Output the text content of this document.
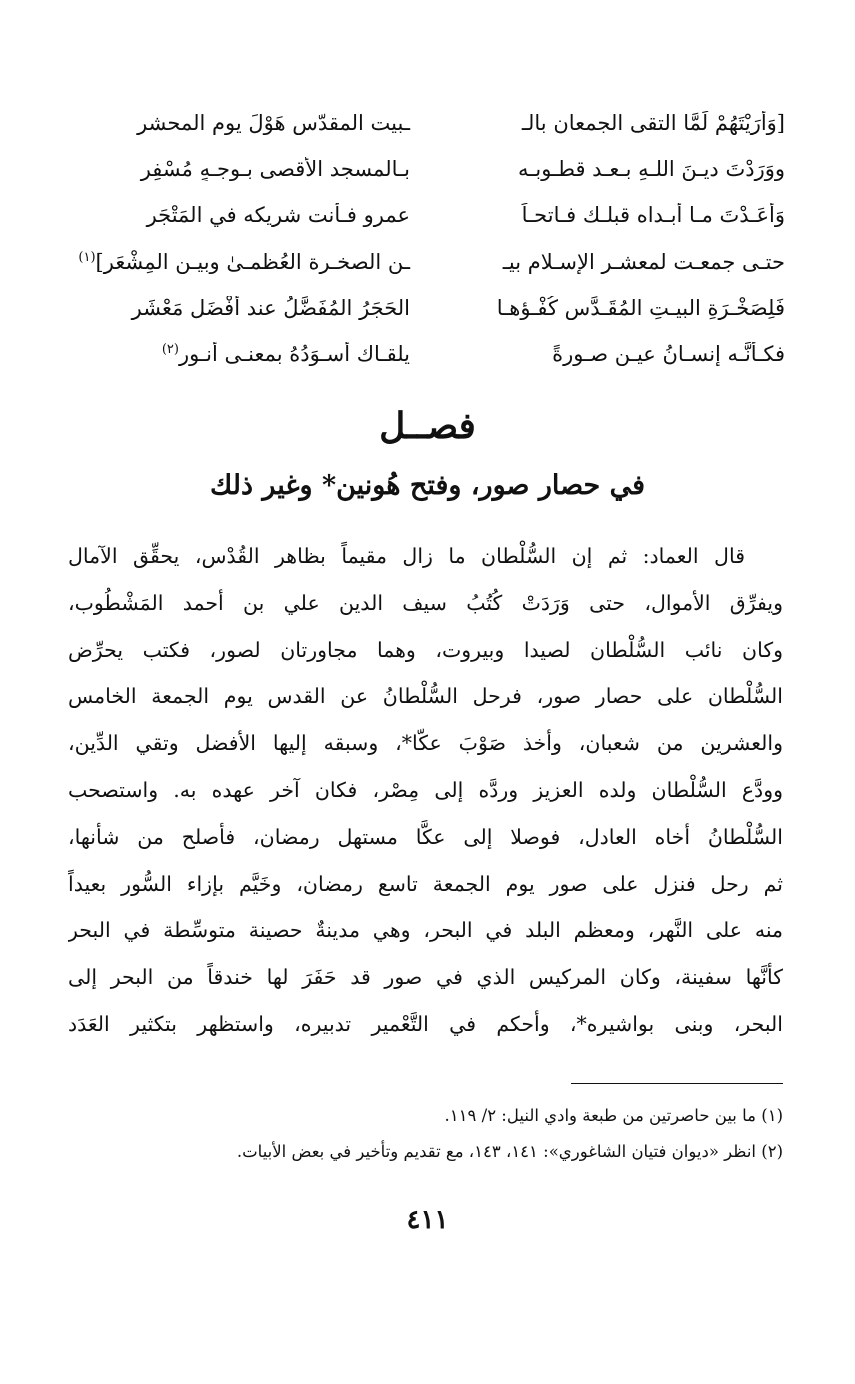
[وَأَرَيْتَهُمْ لَمَّا التقى الجمعان بالـ
ـبيت المقدّس هَوْلَ يومِ المحشر
ووَرَدْتَ ديـنَ اللـهِ بـعـد قطـوبـه
بـالمسجد الأقصى بـوجـهٍ مُسْفِرِ
وَأَعَـدْتَ مـا أبـداه قبلـك فـاتحـاً
عمرو فـأنت شريكه في المَتْجَرِ
حتـى جمعـت لمعشـر الإسـلام بيـ
ـن الصخـرة العُظمـىٰ وبيـن المِشْعَرِ]$^{(١)}$
فَلِصَخْـرَةِ البيـتِ المُقَـدَّس كُفْـؤهـا
الحَجَرُ المُفَضَّلُ عند أَفْضَلِ مَعْشَرِ
فكـأنَّـه إنسـانُ عيـنٍ صـورةً
يلقـاك أسـوَدُهُ بمعنـى أنـور$^{(٢)}$
فصــل
في حصار صور، وفتح هُونين* وغير ذلك
قال العماد: ثم إن السُّلْطان ما زال مقيماً بظاهر القُدْس، يحقِّق الآمال
ويفرِّق الأموال، حتى وَرَدَتْ كُتُبُ سيف الدين علي بن أحمد المَشْطُوب،
وكان نائب السُّلْطان لصيدا وبيروت، وهما مجاورتان لصور، فكتب يحرِّض
السُّلْطان على حصار صور، فرحل السُّلْطانُ عن القدس يوم الجمعة الخامس
والعشرين من شعبان، وأخذ صَوْبَ عكّا*، وسبقه إليها الأفضل وتقي الدِّين،
وودَّع السُّلْطان ولده العزيز وردَّه إلى مِصْر، فكان آخر عهده به. واستصحب
السُّلْطانُ أخاه العادل، فوصلا إلى عكَّا مستهل رمضان، فأصلح من شأنها،
ثم رحل فنزل على صور يوم الجمعة تاسع رمضان، وخَيَّم بإزاء السُّور بعيداً
منه على النَّهر، ومعظم البلد في البحر، وهي مدينةٌ حصينة متوسِّطة في البحر
كأنَّها سفينة، وكان المركيس الذي في صور قد حَفَرَ لها خندقاً من البحر إلى
البحر، وبنى بواشيره*، وأحكم في التَّعْمير تدبيره، واستظهر بتكثير العَدَد
(١) ما بين حاصرتين من طبعة وادي النيل: ٢/ ١١٩.
(٢) انظر «ديوان فتيان الشاغوري»: ١٤١، ١٤٣، مع تقديم وتأخير في بعض الأبيات.
٤١١
